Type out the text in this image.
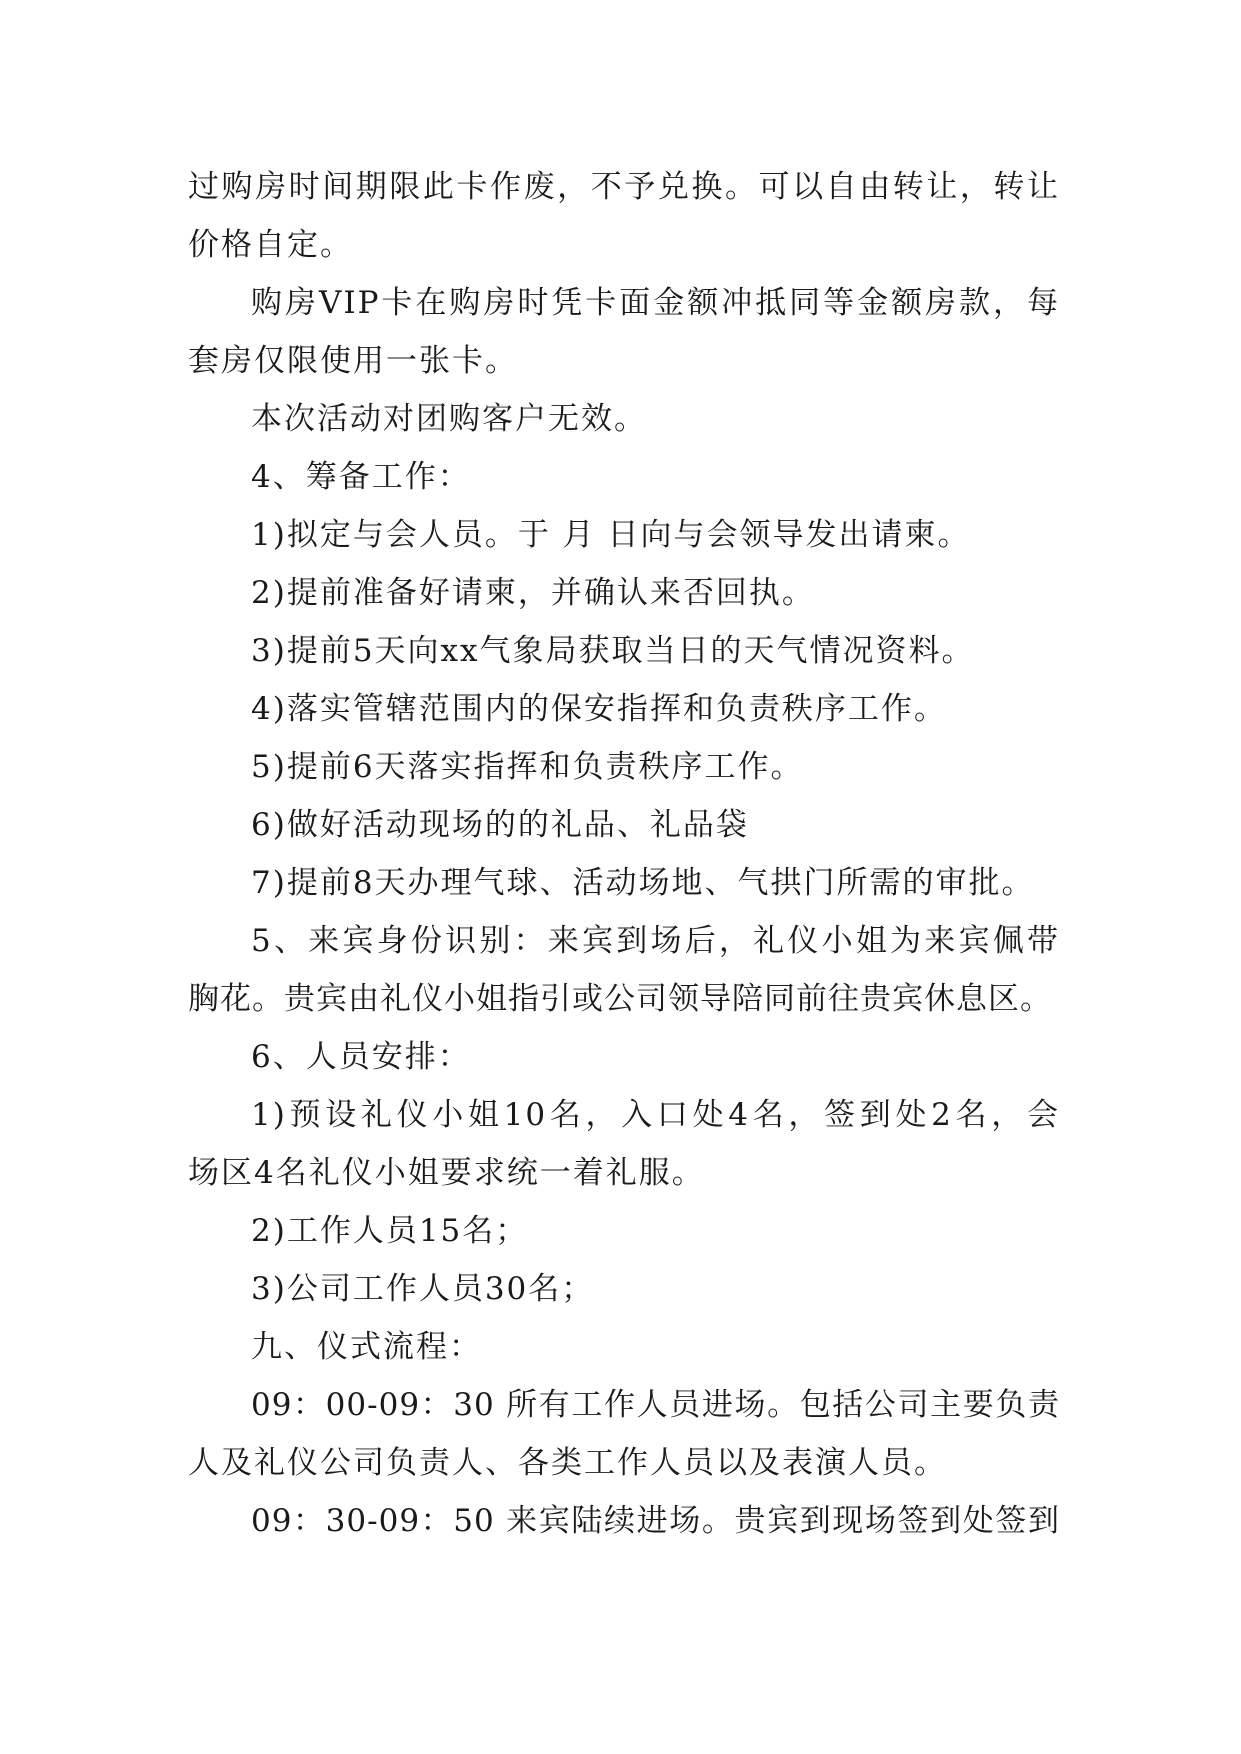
过购房时间期限此卡作废，不予兑换。可以自由转让，转让
价格自定。
购房VIP卡在购房时凭卡面金额冲抵同等金额房款，每
套房仅限使用一张卡。
本次活动对团购客户无效。
4、筹备工作：
1)拟定与会人员。于 月 日向与会领导发出请柬。
2)提前准备好请柬，并确认来否回执。
3)提前5天向xx气象局获取当日的天气情况资料。
4)落实管辖范围内的保安指挥和负责秩序工作。
5)提前6天落实指挥和负责秩序工作。
6)做好活动现场的的礼品、礼品袋
7)提前8天办理气球、活动场地、气拱门所需的审批。
5、来宾身份识别：来宾到场后，礼仪小姐为来宾佩带
胸花。贵宾由礼仪小姐指引或公司领导陪同前往贵宾休息区。
6、人员安排：
1)预设礼仪小姐10名，入口处4名，签到处2名，会
场区4名礼仪小姐要求统一着礼服。
2)工作人员15名；
3)公司工作人员30名；
九、仪式流程：
09：00-09：30 所有工作人员进场。包括公司主要负责
人及礼仪公司负责人、各类工作人员以及表演人员。
09：30-09：50 来宾陆续进场。贵宾到现场签到处签到
